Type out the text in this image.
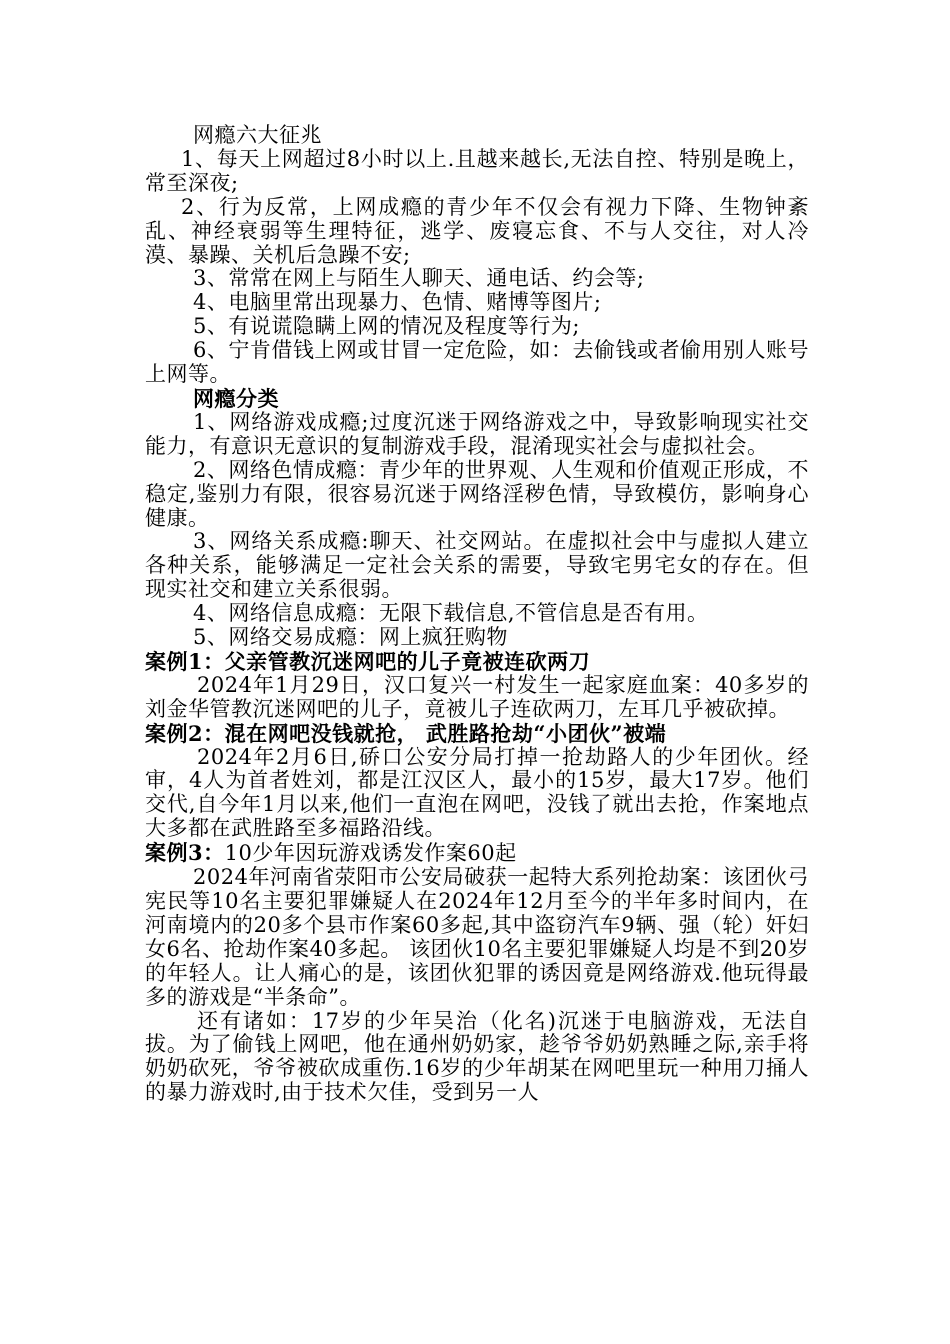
网瘾六大征兆

1、每天上网超过8小时以上.且越来越长,无法自控、特别是晚上，常至深夜;

2、行为反常，上网成瘾的青少年不仅会有视力下降、生物钟紊乱、神经衰弱等生理特征，逃学、废寝忘食、不与人交往，对人冷漠、暴躁、关机后急躁不安;

3、常常在网上与陌生人聊天、通电话、约会等;

4、电脑里常出现暴力、色情、赌博等图片;

5、有说谎隐瞒上网的情况及程度等行为;

6、宁肯借钱上网或甘冒一定危险，如：去偷钱或者偷用别人账号上网等。

网瘾分类

1、网络游戏成瘾;过度沉迷于网络游戏之中，导致影响现实社交能力，有意识无意识的复制游戏手段，混淆现实社会与虚拟社会。

2、网络色情成瘾：青少年的世界观、人生观和价值观正形成，不稳定,鉴别力有限，很容易沉迷于网络淫秽色情，导致模仿，影响身心健康。

3、网络关系成瘾:聊天、社交网站。在虚拟社会中与虚拟人建立各种关系，能够满足一定社会关系的需要，导致宅男宅女的存在。但现实社交和建立关系很弱。

4、网络信息成瘾：无限下载信息,不管信息是否有用。

5、网络交易成瘾：网上疯狂购物

案例1：父亲管教沉迷网吧的儿子竟被连砍两刀

2024年1月29日，汉口复兴一村发生一起家庭血案：40多岁的刘金华管教沉迷网吧的儿子，竟被儿子连砍两刀，左耳几乎被砍掉。

案例2：混在网吧没钱就抢， 武胜路抢劫“小团伙”被端

2024年2月6日,硚口公安分局打掉一抢劫路人的少年团伙。经审，4人为首者姓刘，都是江汉区人，最小的15岁，最大17岁。他们交代,自今年1月以来,他们一直泡在网吧，没钱了就出去抢，作案地点大多都在武胜路至多福路沿线。

案例3：10少年因玩游戏诱发作案60起

2024年河南省荥阳市公安局破获一起特大系列抢劫案：该团伙弓宪民等10名主要犯罪嫌疑人在2024年12月至今的半年多时间内，在河南境内的20多个县市作案60多起,其中盗窃汽车9辆、强（轮）奸妇女6名、抢劫作案40多起。 该团伙10名主要犯罪嫌疑人均是不到20岁的年轻人。让人痛心的是，该团伙犯罪的诱因竟是网络游戏.他玩得最多的游戏是“半条命”。

还有诸如：17岁的少年吴治（化名)沉迷于电脑游戏，无法自拔。为了偷钱上网吧，他在通州奶奶家，趁爷爷奶奶熟睡之际,亲手将奶奶砍死，爷爷被砍成重伤.16岁的少年胡某在网吧里玩一种用刀捅人的暴力游戏时,由于技术欠佳，受到另一人
